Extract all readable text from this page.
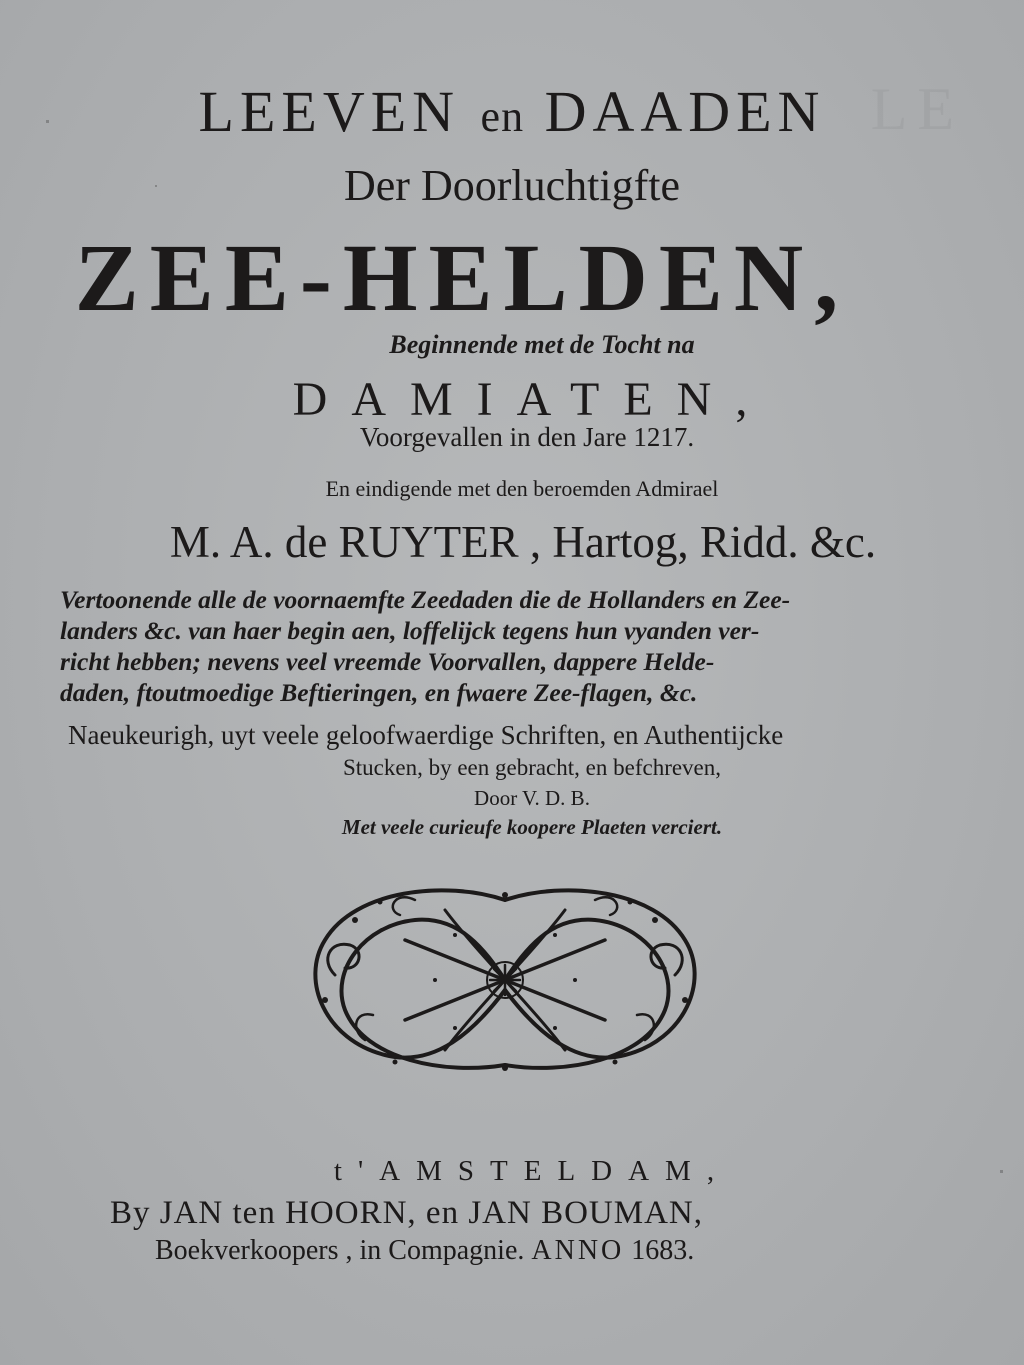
LE
LEEVEN en DAADEN
Der Doorluchtigfte
ZEE-HELDEN,
Beginnende met de Tocht na
DAMIATEN,
Voorgevallen in den Jare 1217.
En eindigende met den beroemden Admirael
M. A. de RUYTER , Hartog, Ridd. &c.
Vertoonende alle de voornaemfte Zeedaden die de Hollanders en Zee-
landers &c. van haer begin aen, loffelijck tegens hun vyanden ver-
richt hebben; nevens veel vreemde Voorvallen, dappere Helde-
daden, ftoutmoedige Beftieringen, en fwaere Zee-flagen, &c.
Naeukeurigh, uyt veele geloofwaerdige Schriften, en Authentijcke
Stucken, by een gebracht, en befchreven,
Door V. D. B.
Met veele curieufe koopere Plaeten verciert.
t'AMSTELDAM,
By JAN ten HOORN, en JAN BOUMAN,
Boekverkoopers , in Compagnie. ANNO 1683.
